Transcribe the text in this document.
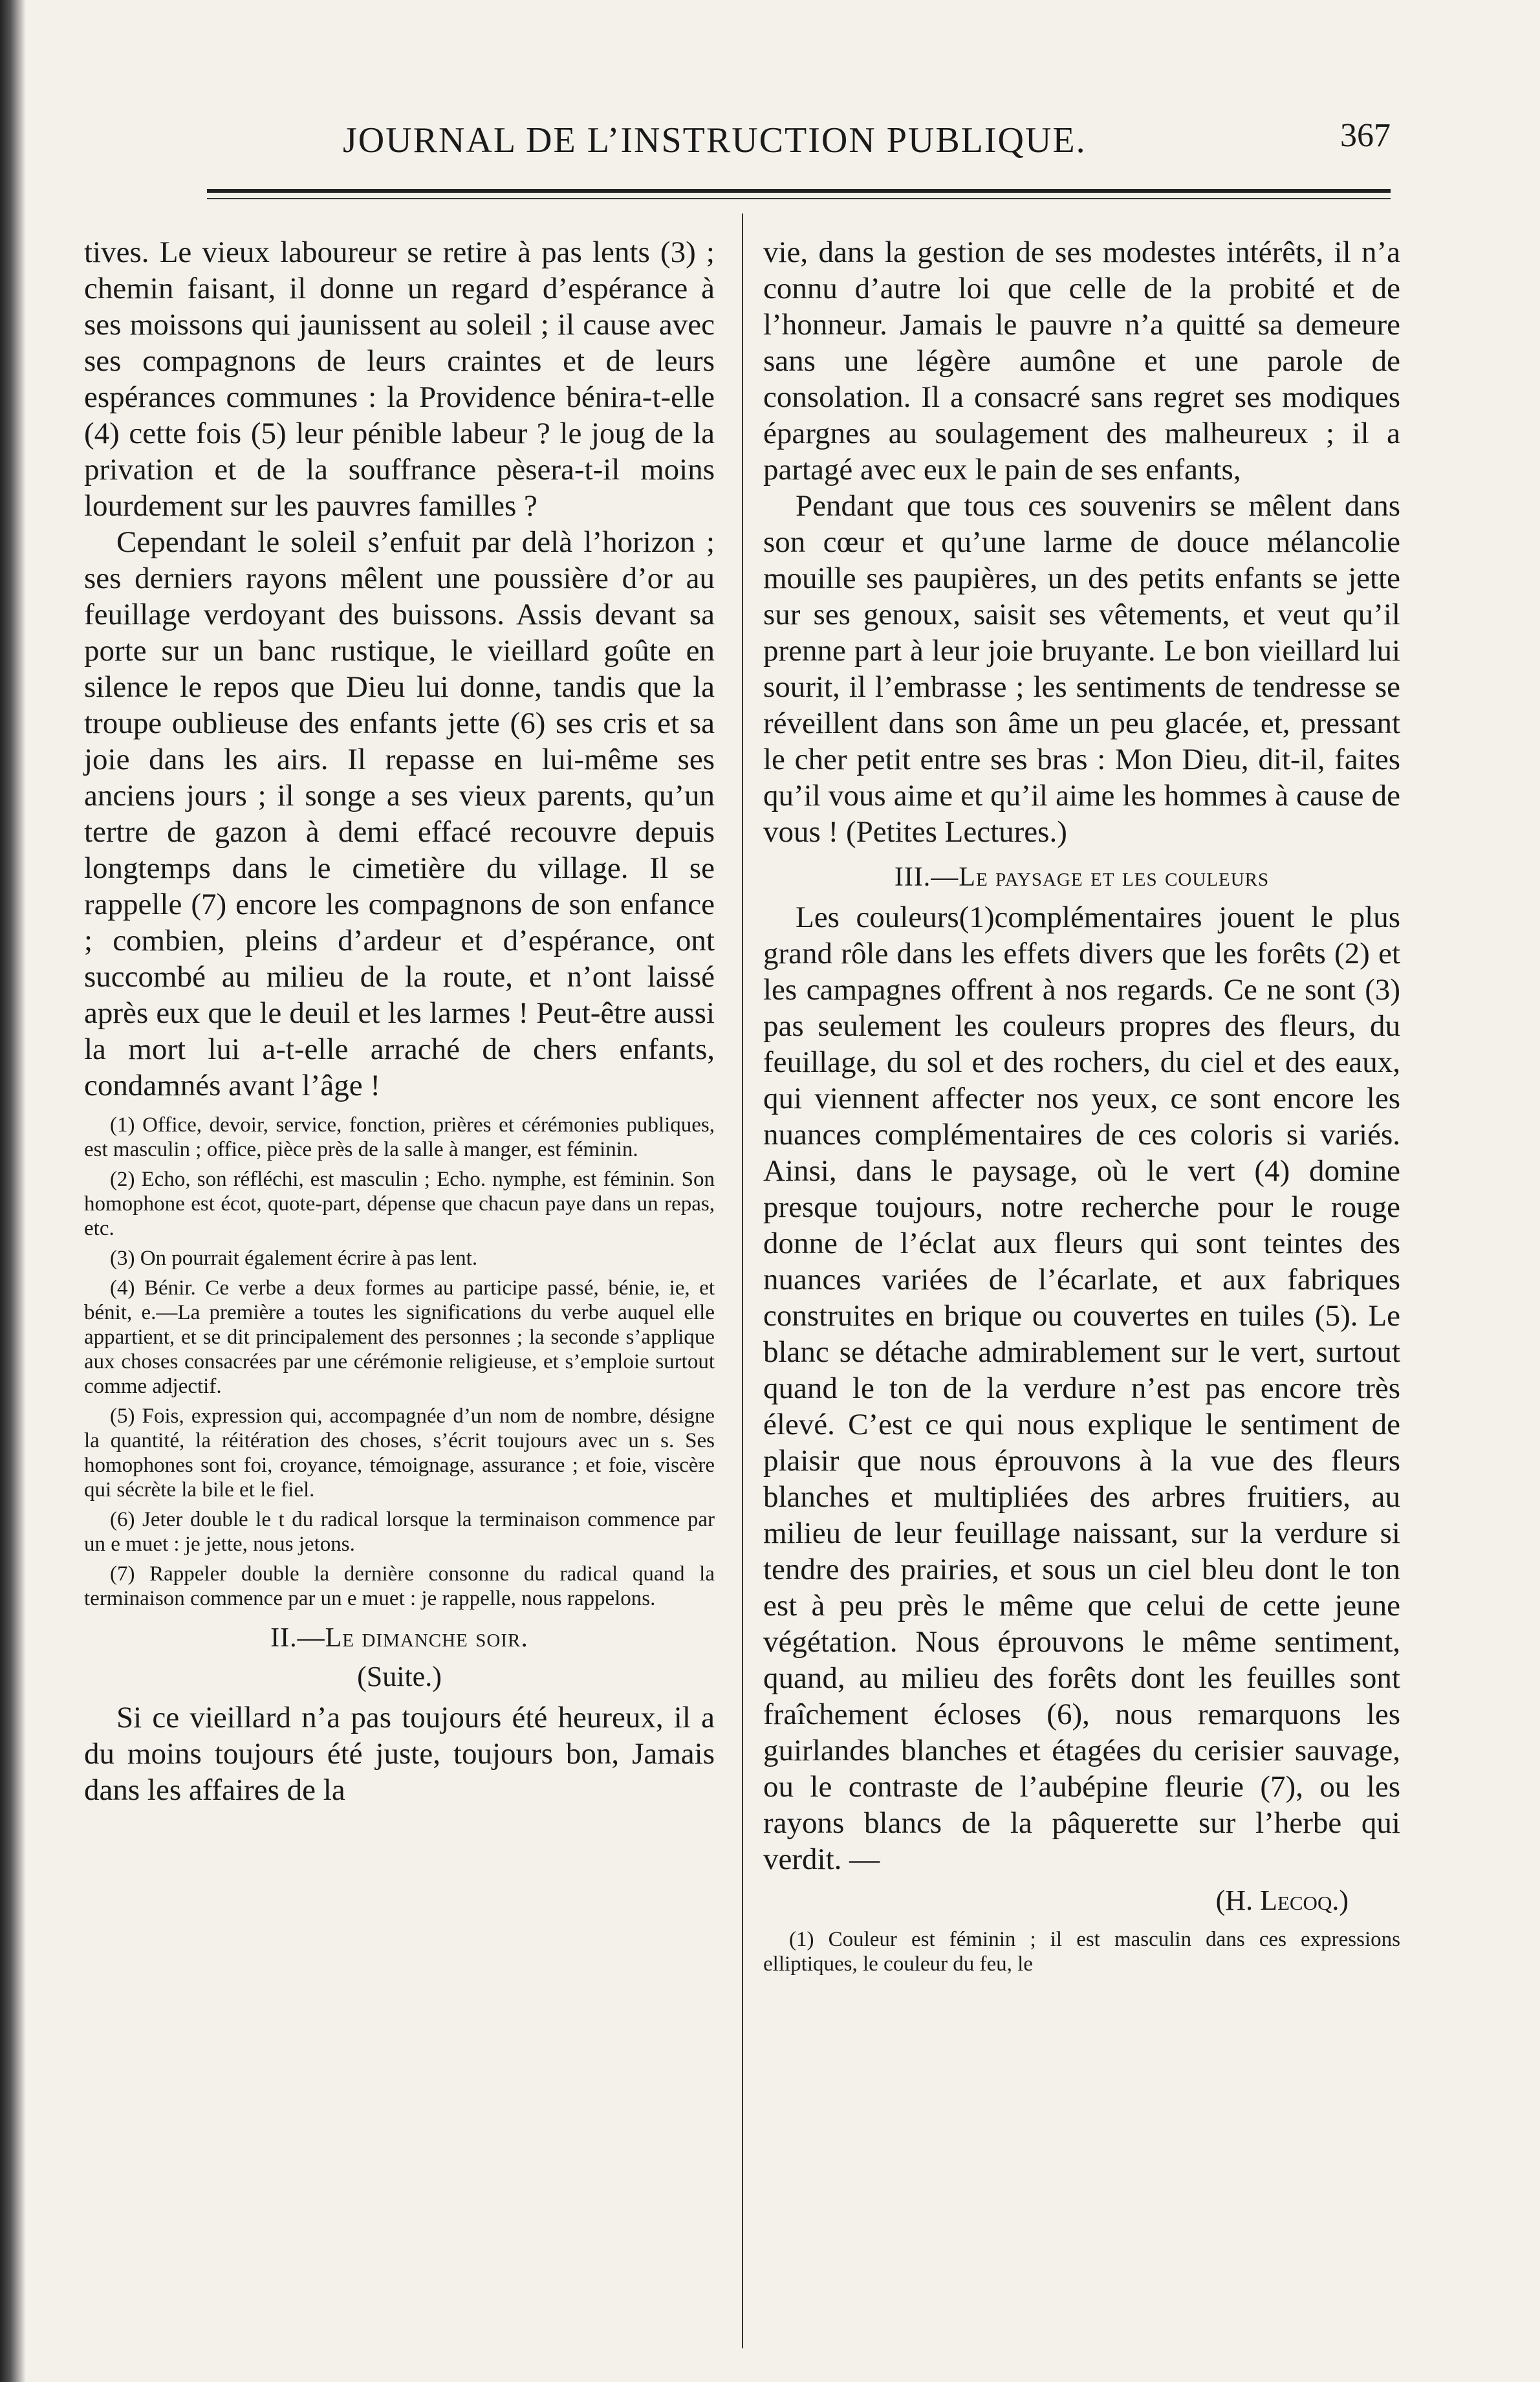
JOURNAL DE L’INSTRUCTION PUBLIQUE.	367

tives. Le vieux laboureur se retire à pas lents (3) ; chemin faisant, il donne un regard d’espérance à ses moissons qui jaunissent au soleil ; il cause avec ses compagnons de leurs craintes et de leurs espérances communes : la Providence bénira-t-elle (4) cette fois (5) leur pénible labeur ? le joug de la privation et de la souffrance pèsera-t-il moins lourdement sur les pauvres familles ?

Cependant le soleil s’enfuit par delà l’horizon ; ses derniers rayons mêlent une poussière d’or au feuillage verdoyant des buissons. Assis devant sa porte sur un banc rustique, le vieillard goûte en silence le repos que Dieu lui donne, tandis que la troupe oublieuse des enfants jette (6) ses cris et sa joie dans les airs. Il repasse en lui-même ses anciens jours ; il songe a ses vieux parents, qu’un tertre de gazon à demi effacé recouvre depuis longtemps dans le cimetière du village. Il se rappelle (7) encore les compagnons de son enfance ; combien, pleins d’ardeur et d’espérance, ont succombé au milieu de la route, et n’ont laissé après eux que le deuil et les larmes ! Peut-être aussi la mort lui a-t-elle arraché de chers enfants, condamnés avant l’âge !

(1) Office, devoir, service, fonction, prières et cérémonies publiques, est masculin ; office, pièce près de la salle à manger, est féminin.

(2) Echo, son réfléchi, est masculin ; Echo. nymphe, est féminin. Son homophone est écot, quote-part, dépense que chacun paye dans un repas, etc.

(3) On pourrait également écrire à pas lent.

(4) Bénir. Ce verbe a deux formes au participe passé, bénie, ie, et bénit, e.—La première a toutes les significations du verbe auquel elle appartient, et se dit principalement des personnes ; la seconde s’applique aux choses consacrées par une cérémonie religieuse, et s’emploie surtout comme adjectif.

(5) Fois, expression qui, accompagnée d’un nom de nombre, désigne la quantité, la réitération des choses, s’écrit toujours avec un s. Ses homophones sont foi, croyance, témoignage, assurance ; et foie, viscère qui sécrète la bile et le fiel.

(6) Jeter double le t du radical lorsque la terminaison commence par un e muet : je jette, nous jetons.

(7) Rappeler double la dernière consonne du radical quand la terminaison commence par un e muet : je rappelle, nous rappelons.

II.—Le dimanche soir.
(Suite.)

Si ce vieillard n’a pas toujours été heureux, il a du moins toujours été juste, toujours bon, Jamais dans les affaires de la

vie, dans la gestion de ses modestes intérêts, il n’a connu d’autre loi que celle de la probité et de l’honneur. Jamais le pauvre n’a quitté sa demeure sans une légère aumône et une parole de consolation. Il a consacré sans regret ses modiques épargnes au soulagement des malheureux ; il a partagé avec eux le pain de ses enfants,

Pendant que tous ces souvenirs se mêlent dans son cœur et qu’une larme de douce mélancolie mouille ses paupières, un des petits enfants se jette sur ses genoux, saisit ses vêtements, et veut qu’il prenne part à leur joie bruyante. Le bon vieillard lui sourit, il l’embrasse ; les sentiments de tendresse se réveillent dans son âme un peu glacée, et, pressant le cher petit entre ses bras : Mon Dieu, dit-il, faites qu’il vous aime et qu’il aime les hommes à cause de vous ! (Petites Lectures.)

III.—Le paysage et les couleurs

Les couleurs(1)complémentaires jouent le plus grand rôle dans les effets divers que les forêts (2) et les campagnes offrent à nos regards. Ce ne sont (3) pas seulement les couleurs propres des fleurs, du feuillage, du sol et des rochers, du ciel et des eaux, qui viennent affecter nos yeux, ce sont encore les nuances complémentaires de ces coloris si variés. Ainsi, dans le paysage, où le vert (4) domine presque toujours, notre recherche pour le rouge donne de l’éclat aux fleurs qui sont teintes des nuances variées de l’écarlate, et aux fabriques construites en brique ou couvertes en tuiles (5). Le blanc se détache admirablement sur le vert, surtout quand le ton de la verdure n’est pas encore très élevé. C’est ce qui nous explique le sentiment de plaisir que nous éprouvons à la vue des fleurs blanches et multipliées des arbres fruitiers, au milieu de leur feuillage naissant, sur la verdure si tendre des prairies, et sous un ciel bleu dont le ton est à peu près le même que celui de cette jeune végétation. Nous éprouvons le même sentiment, quand, au milieu des forêts dont les feuilles sont fraîchement écloses (6), nous remarquons les guirlandes blanches et étagées du cerisier sauvage, ou le contraste de l’aubépine fleurie (7), ou les rayons blancs de la pâquerette sur l’herbe qui verdit. —

(H. Lecoq.)

(1) Couleur est féminin ; il est masculin dans ces expressions elliptiques, le couleur du feu, le
